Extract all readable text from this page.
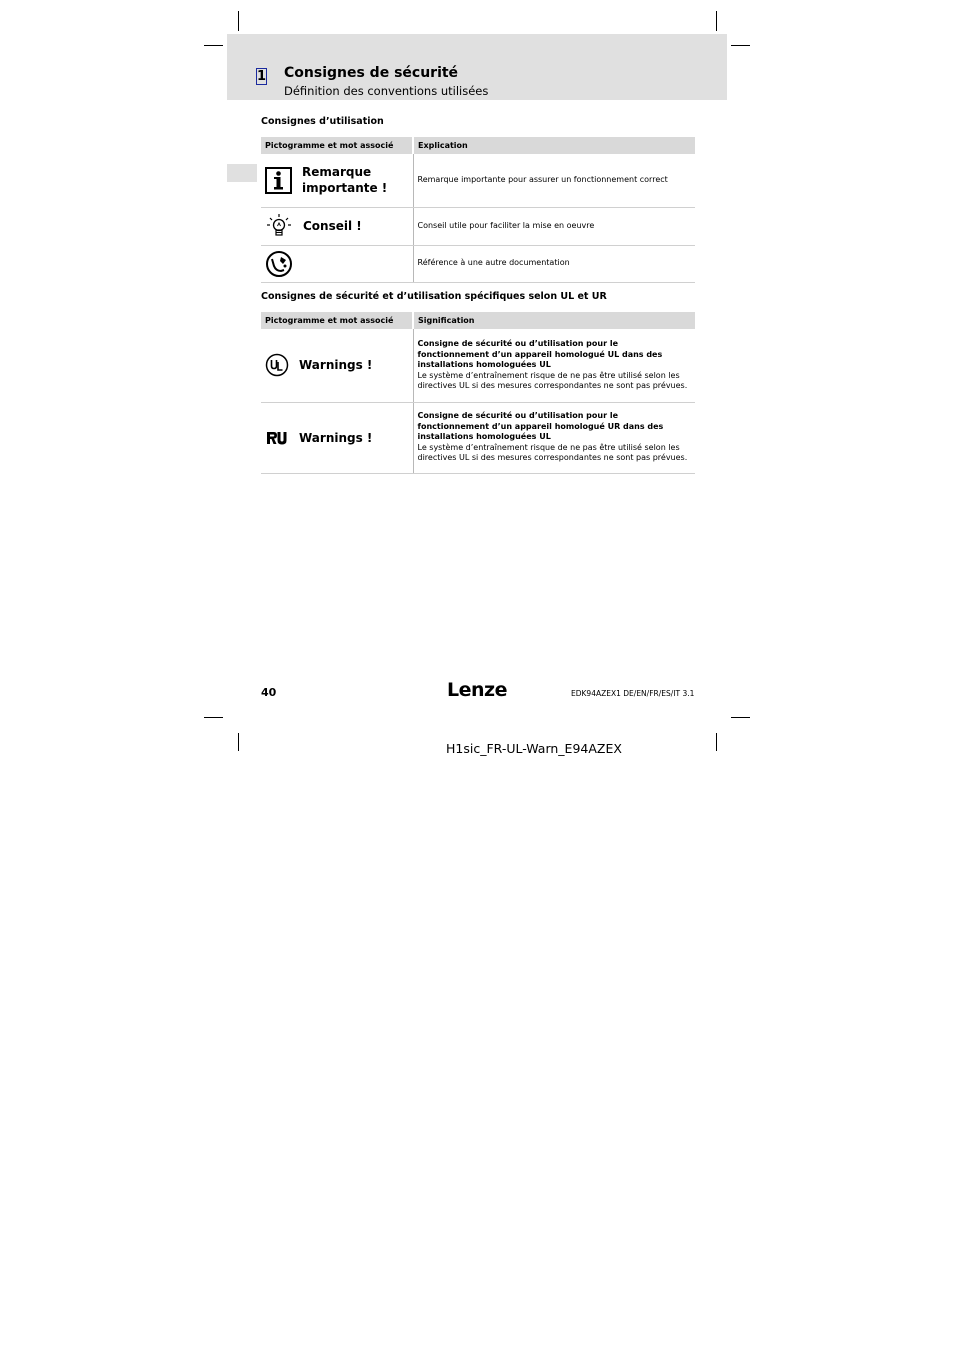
1 Consignes de sécurité
Définition des conventions utilisées
Consignes d’utilisation
Pictogramme et mot associé	Explication

Remarque importante !	Remarque importante pour assurer un fonctionnement correct

Conseil !	Conseil utile pour faciliter la mise en oeuvre

	Référence à une autre documentation
Consignes de sécurité et d’utilisation spécifiques selon UL et UR
Pictogramme et mot associé	Signification

Warnings !	Consigne de sécurité ou d’utilisation pour le fonctionnement d’un appareil homologué UL dans des installations homologuées UL
Le système d’entraînement risque de ne pas être utilisé selon les directives UL si des mesures correspondantes ne sont pas prévues.

Warnings !	Consigne de sécurité ou d’utilisation pour le fonctionnement d’un appareil homologué UR dans des installations homologuées UL
Le système d’entraînement risque de ne pas être utilisé selon les directives UL si des mesures correspondantes ne sont pas prévues.
40	Lenze	EDK94AZEX1 DE/EN/FR/ES/IT 3.1
H1sic_FR-UL-Warn_E94AZEX
